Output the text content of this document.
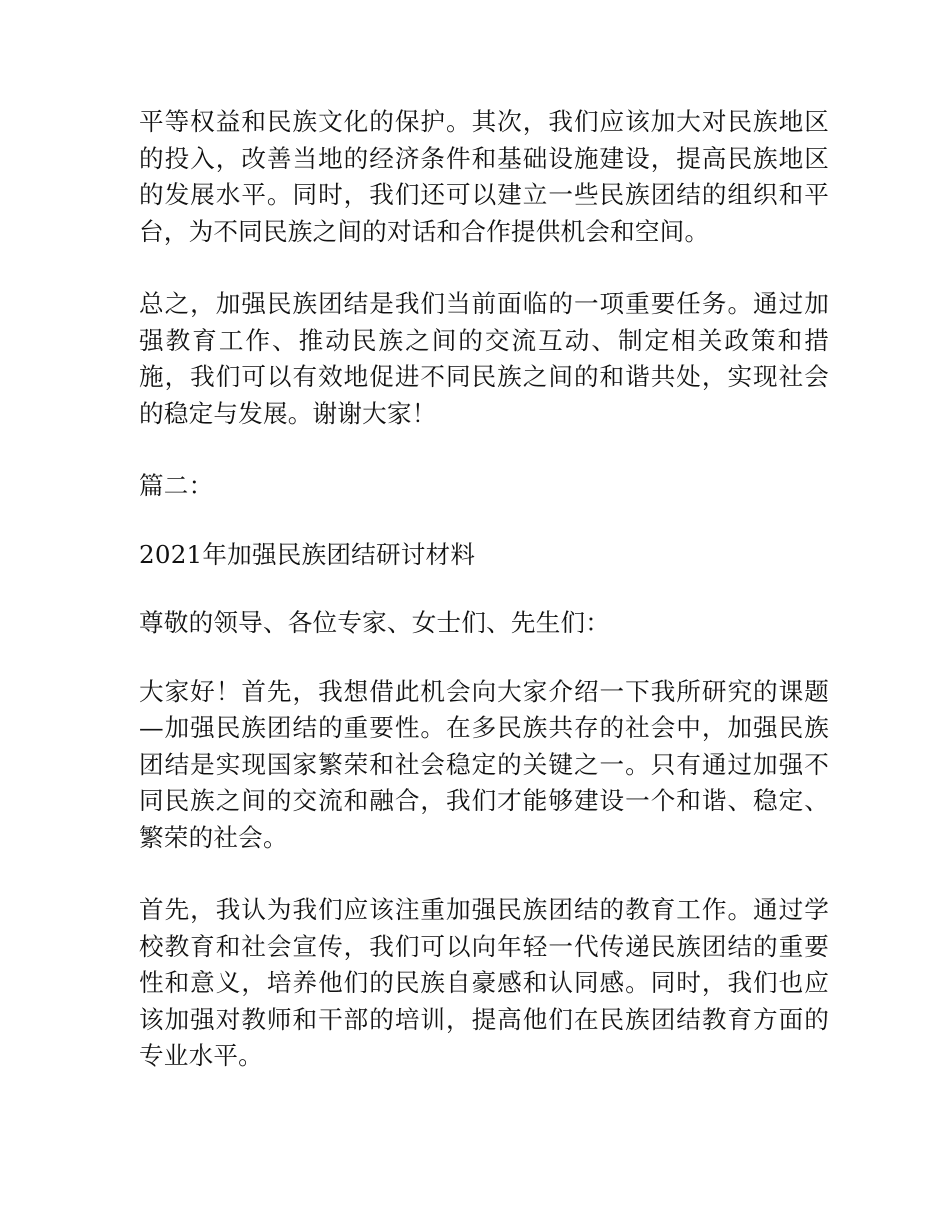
平等权益和民族文化的保护。其次，我们应该加大对民族地区的投入，改善当地的经济条件和基础设施建设，提高民族地区的发展水平。同时，我们还可以建立一些民族团结的组织和平台，为不同民族之间的对话和合作提供机会和空间。

总之，加强民族团结是我们当前面临的一项重要任务。通过加强教育工作、推动民族之间的交流互动、制定相关政策和措施，我们可以有效地促进不同民族之间的和谐共处，实现社会的稳定与发展。谢谢大家！

篇二：

2021年加强民族团结研讨材料

尊敬的领导、各位专家、女士们、先生们：

大家好！首先，我想借此机会向大家介绍一下我所研究的课题—加强民族团结的重要性。在多民族共存的社会中，加强民族团结是实现国家繁荣和社会稳定的关键之一。只有通过加强不同民族之间的交流和融合，我们才能够建设一个和谐、稳定、繁荣的社会。

首先，我认为我们应该注重加强民族团结的教育工作。通过学校教育和社会宣传，我们可以向年轻一代传递民族团结的重要性和意义，培养他们的民族自豪感和认同感。同时，我们也应该加强对教师和干部的培训，提高他们在民族团结教育方面的专业水平。
